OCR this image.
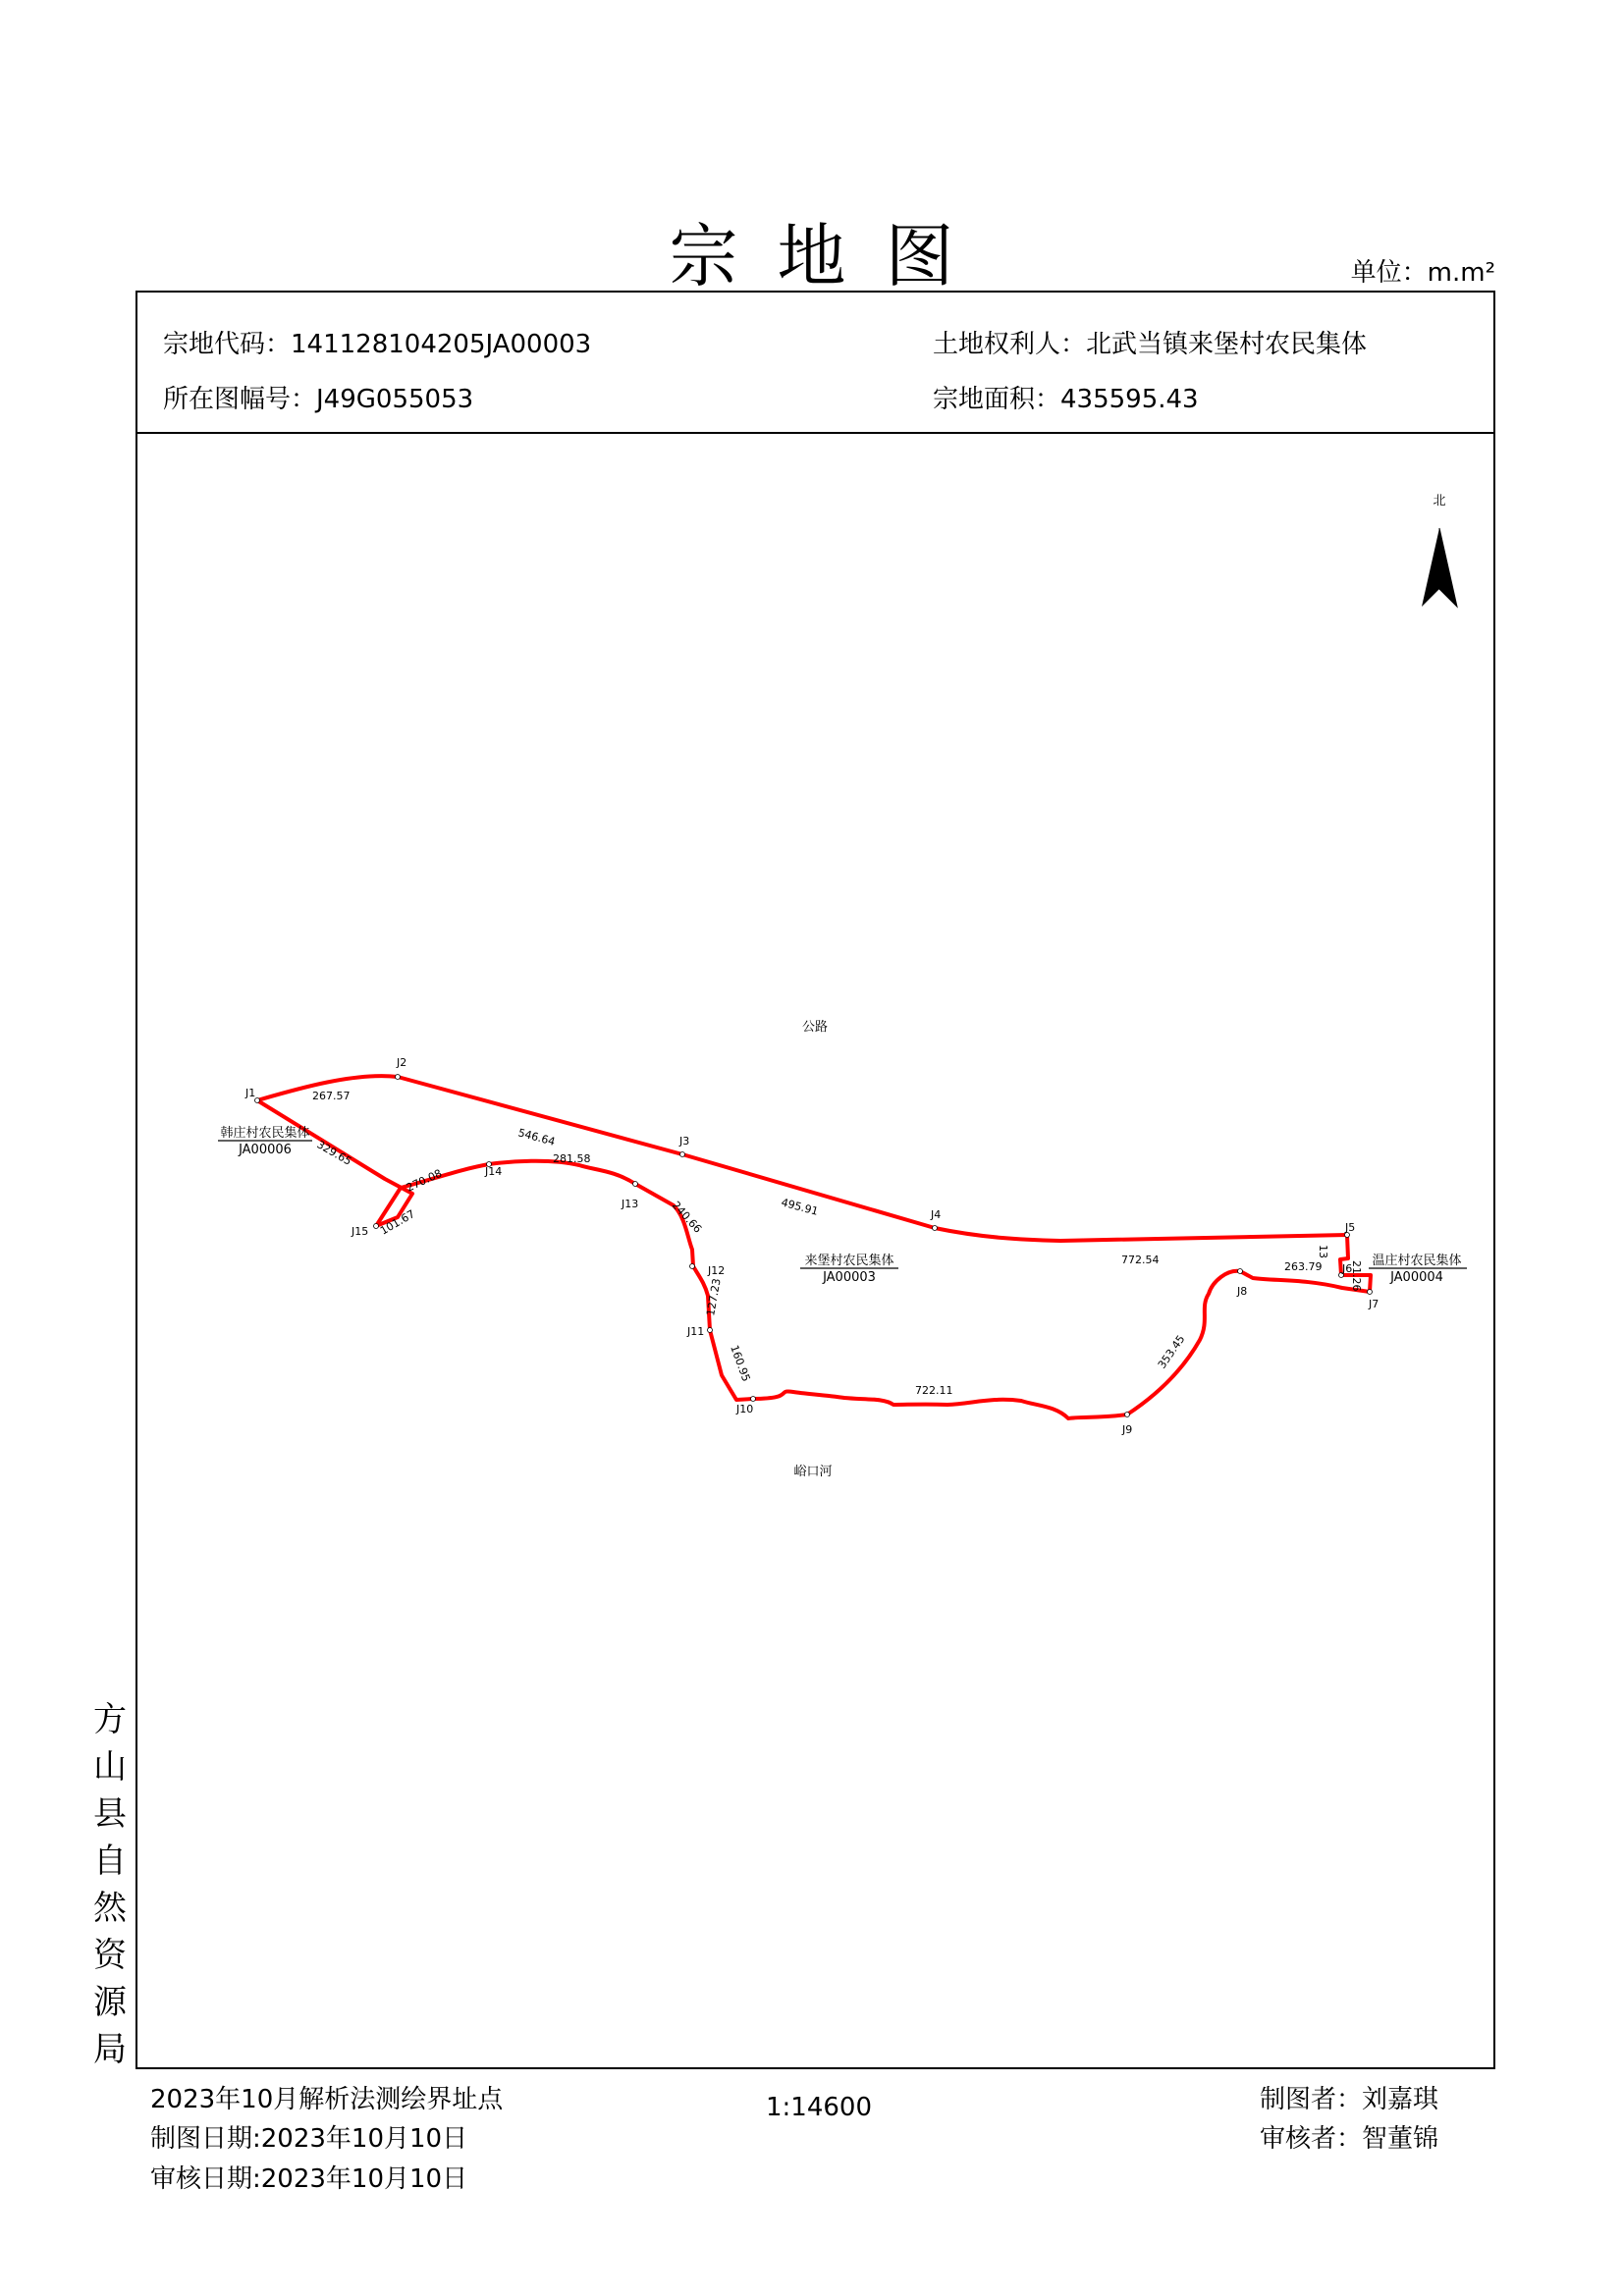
宗地图	单位：m.m²
宗地代码：141128104205JA00003	土地权利人：北武当镇来堡村农民集体
所在图幅号：J49G055053	宗地面积：435595.43
北
J1
J2
J3
J4
J5
J6
J7
J8
J9
J10
J11
J12
J13
J14
J15
267.57
546.64
495.91
772.54
13
21.26
263.79
353.45
722.11
160.95
127.23
240.66
281.58
270.08
101.67
329.65
公路
峪口河
来堡村农民集体
JA00003
韩庄村农民集体
JA00006
温庄村农民集体
JA00004
方山县自然资源局
2023年10月解析法测绘界址点
制图日期:2023年10月10日
审核日期:2023年10月10日
1:14600	制图者：刘嘉琪
审核者：智董锦
